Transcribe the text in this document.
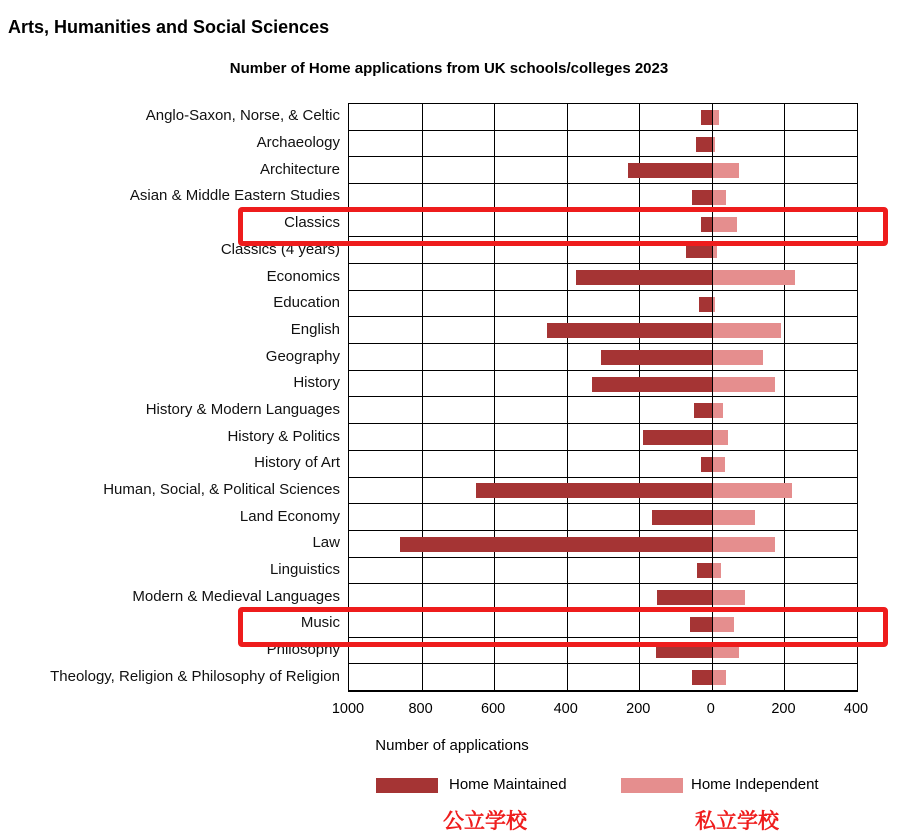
Arts, Humanities and Social Sciences
Number of Home applications from UK schools/colleges 2023
Anglo-Saxon, Norse, & Celtic
Archaeology
Architecture
Asian & Middle Eastern Studies
Classics
Classics (4 years)
Economics
Education
English
Geography
History
History & Modern Languages
History & Politics
History of Art
Human, Social, & Political Sciences
Land Economy
Law
Linguistics
Modern & Medieval Languages
Music
Philosophy
Theology, Religion & Philosophy of Religion
1000	800	600	400	200	0	200	400
Number of applications
Home Maintained	Home Independent
公立学校	私立学校
